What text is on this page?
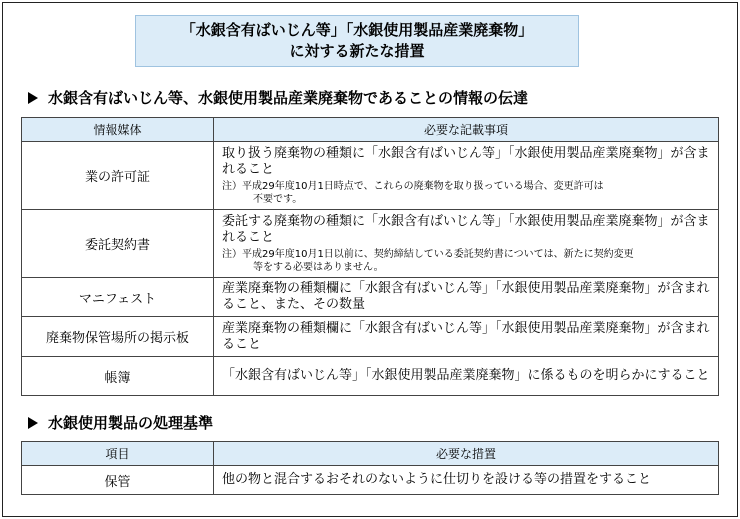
「水銀含有ばいじん等」「水銀使用製品産業廃棄物」
に対する新たな措置
水銀含有ばいじん等、水銀使用製品産業廃棄物であることの情報の伝達
情報媒体	必要な記載事項
業の許可証	取り扱う廃棄物の種類に「水銀含有ばいじん等」「水銀使用製品産業廃棄物」が含まれること
注）平成29年度10月1日時点で、これらの廃棄物を取り扱っている場合、変更許可は
不要です。

委託契約書	委託する廃棄物の種類に「水銀含有ばいじん等」「水銀使用製品産業廃棄物」が含まれること
注）平成29年度10月1日以前に、契約締結している委託契約書については、新たに契約変更
等をする必要はありません。

マニフェスト	産業廃棄物の種類欄に「水銀含有ばいじん等」「水銀使用製品産業廃棄物」が含まれること、また、その数量
廃棄物保管場所の掲示板	産業廃棄物の種類欄に「水銀含有ばいじん等」「水銀使用製品産業廃棄物」が含まれること
帳簿	「水銀含有ばいじん等」「水銀使用製品産業廃棄物」に係るものを明らかにすること
水銀使用製品の処理基準
項目	必要な措置
保管	他の物と混合するおそれのないように仕切りを設ける等の措置をすること
